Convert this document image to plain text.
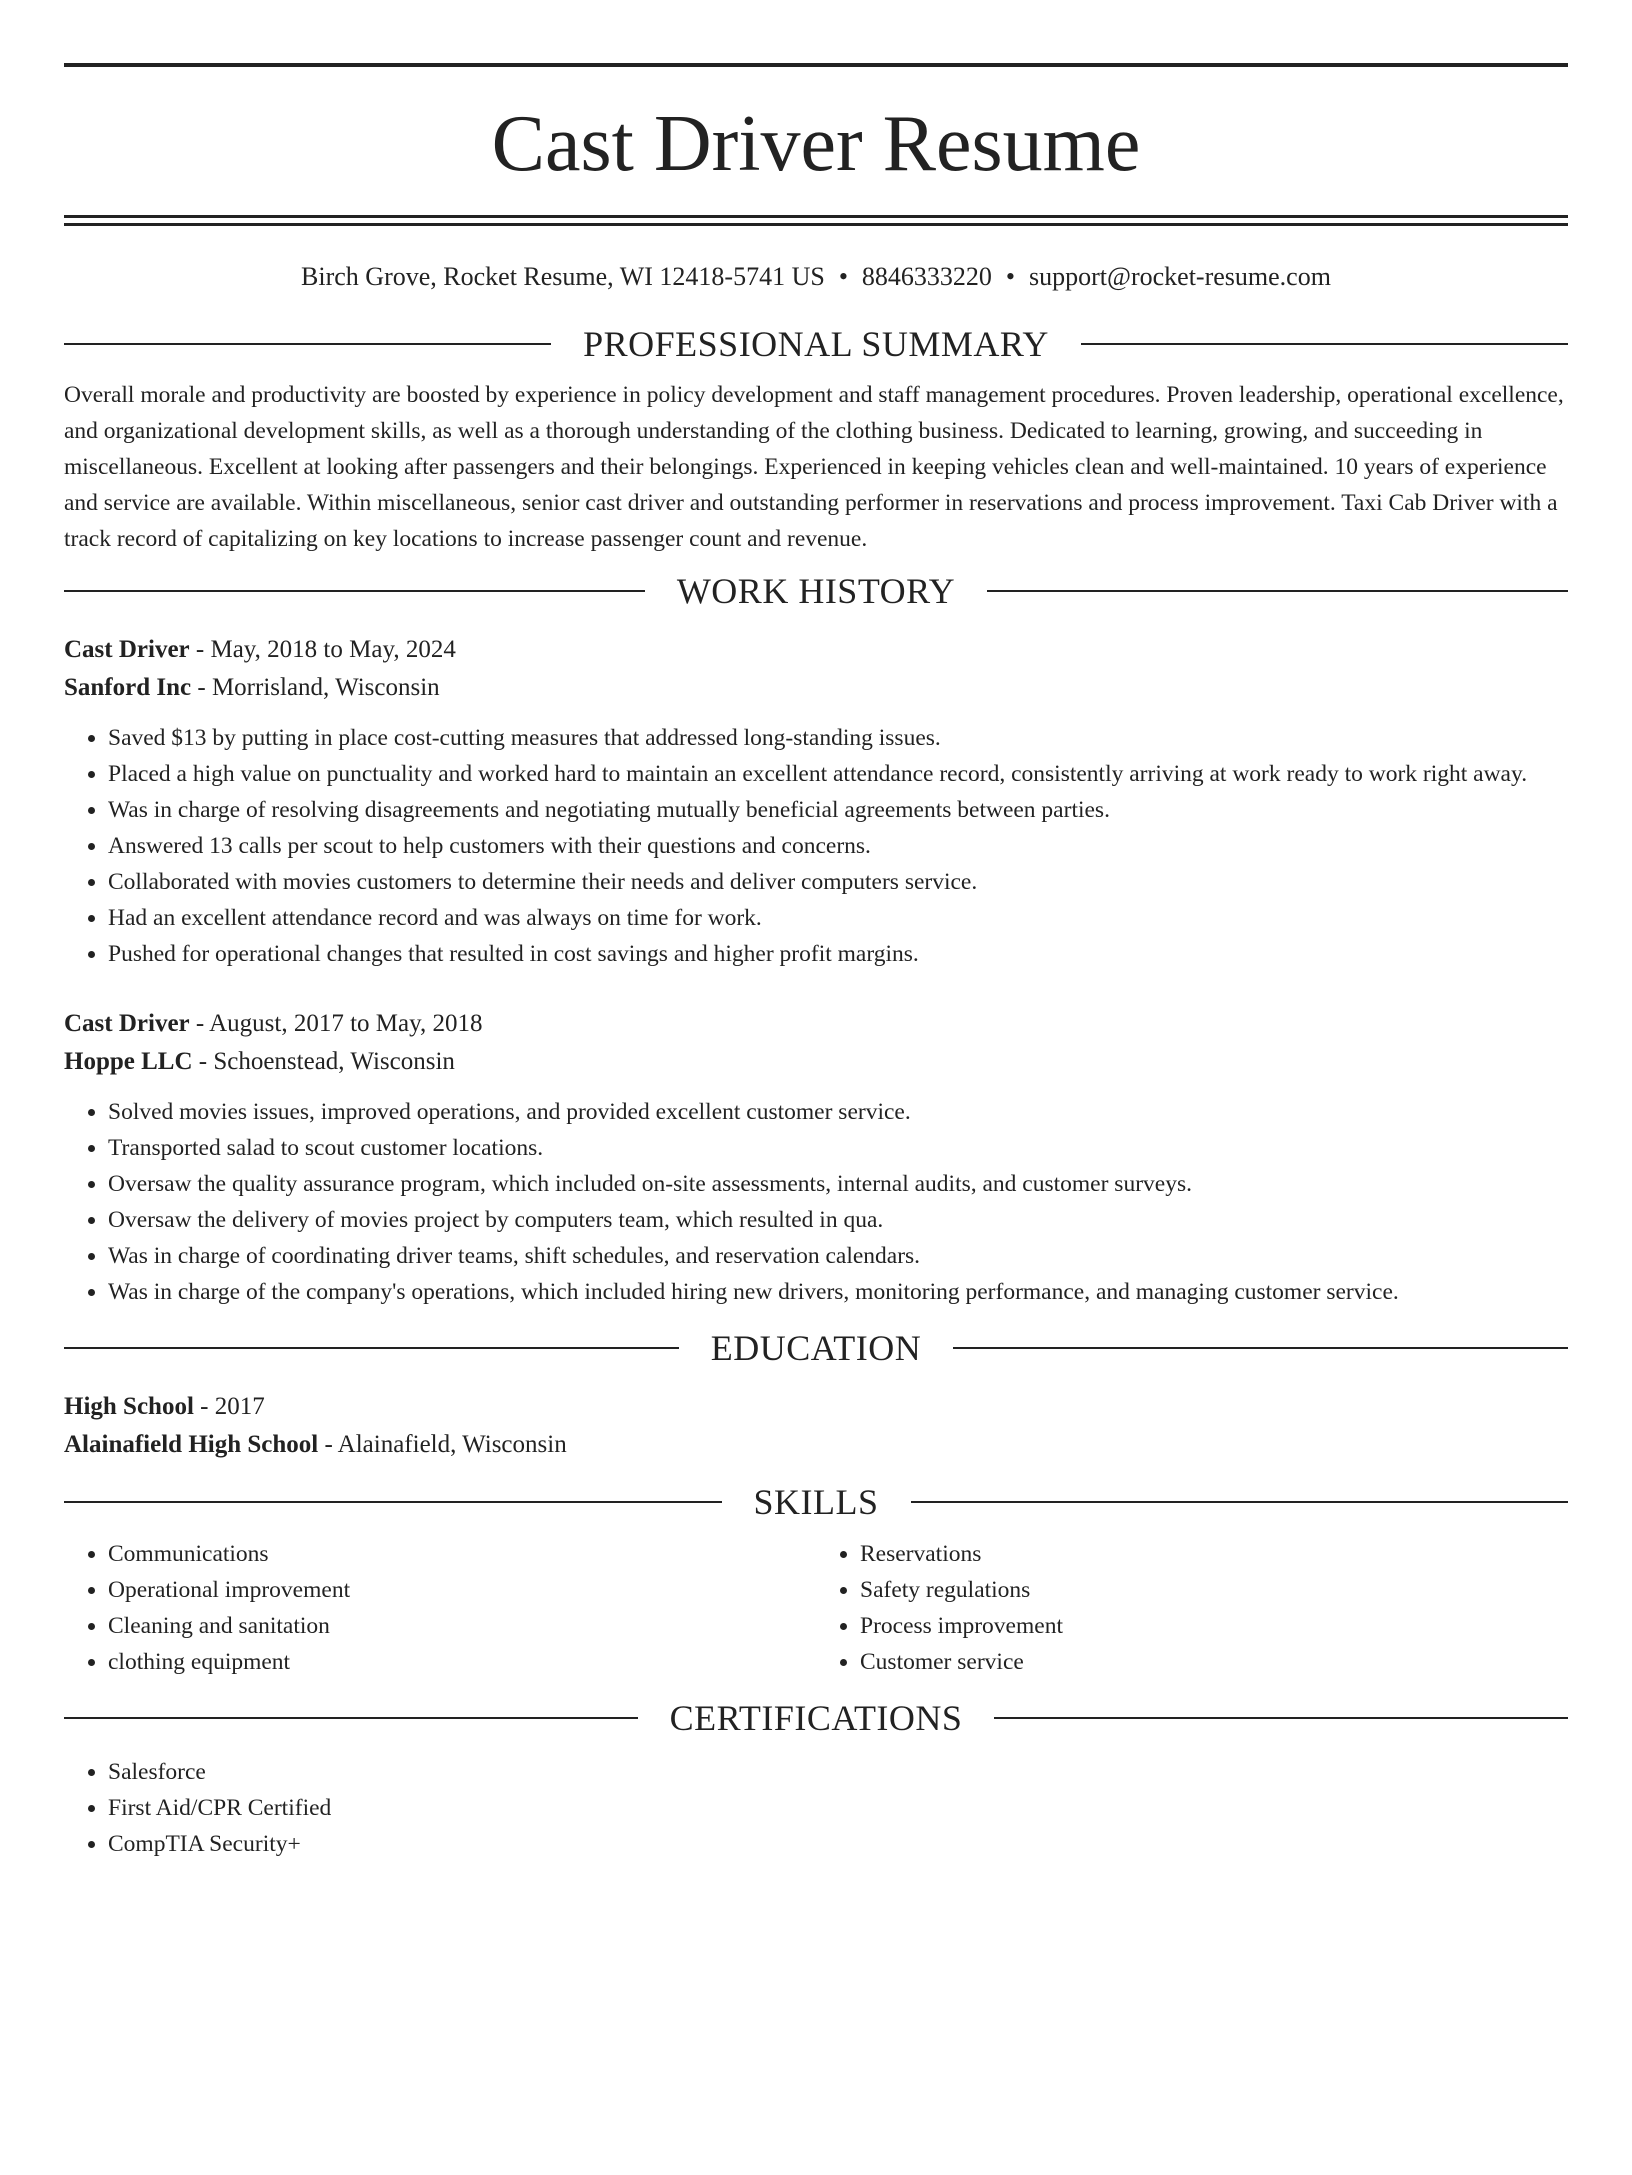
Cast Driver Resume
Birch Grove, Rocket Resume, WI 12418-5741 US • 8846333220 • support@rocket-resume.com
PROFESSIONAL SUMMARY

Overall morale and productivity are boosted by experience in policy development and staff management procedures. Proven leadership, operational excellence, and organizational development skills, as well as a thorough understanding of the clothing business. Dedicated to learning, growing, and succeeding in miscellaneous. Excellent at looking after passengers and their belongings. Experienced in keeping vehicles clean and well-maintained. 10 years of experience and service are available. Within miscellaneous, senior cast driver and outstanding performer in reservations and process improvement. Taxi Cab Driver with a track record of capitalizing on key locations to increase passenger count and revenue.

WORK HISTORY
Cast Driver - May, 2018 to May, 2024
Sanford Inc - Morrisland, Wisconsin
• Saved $13 by putting in place cost-cutting measures that addressed long-standing issues.
• Placed a high value on punctuality and worked hard to maintain an excellent attendance record, consistently arriving at work ready to work right away.
• Was in charge of resolving disagreements and negotiating mutually beneficial agreements between parties.
• Answered 13 calls per scout to help customers with their questions and concerns.
• Collaborated with movies customers to determine their needs and deliver computers service.
• Had an excellent attendance record and was always on time for work.
• Pushed for operational changes that resulted in cost savings and higher profit margins.
Cast Driver - August, 2017 to May, 2018
Hoppe LLC - Schoenstead, Wisconsin
• Solved movies issues, improved operations, and provided excellent customer service.
• Transported salad to scout customer locations.
• Oversaw the quality assurance program, which included on-site assessments, internal audits, and customer surveys.
• Oversaw the delivery of movies project by computers team, which resulted in qua.
• Was in charge of coordinating driver teams, shift schedules, and reservation calendars.
• Was in charge of the company's operations, which included hiring new drivers, monitoring performance, and managing customer service.
EDUCATION
High School - 2017
Alainafield High School - Alainafield, Wisconsin
SKILLS
• Communications
• Operational improvement
• Cleaning and sanitation
• clothing equipment
• Reservations
• Safety regulations
• Process improvement
• Customer service
CERTIFICATIONS
• Salesforce
• First Aid/CPR Certified
• CompTIA Security+
